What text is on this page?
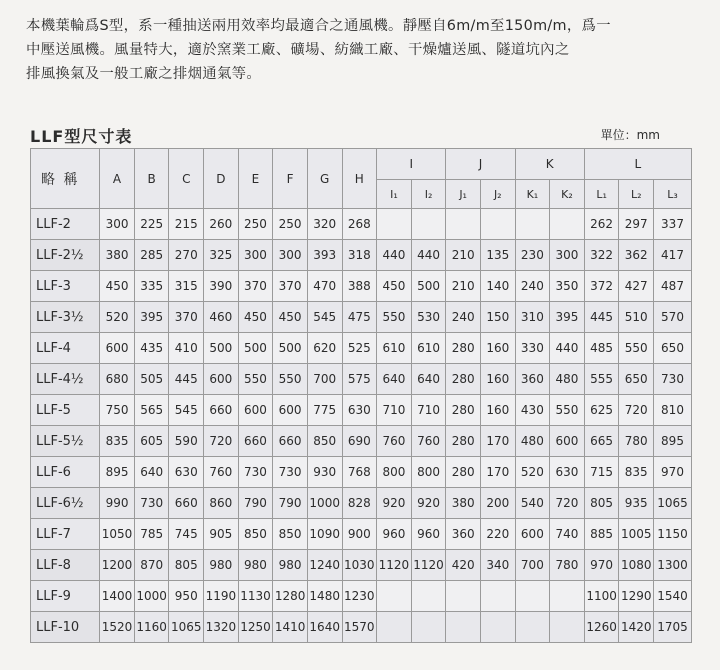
本機葉輪爲S型，系一種抽送兩用效率均最適合之通風機。靜壓自6m/m至150m/m，爲一

中壓送風機。風量特大，適於窯業工廠、礦場、紡織工廠、干燥爐送風、隧道坑內之

排風換氣及一般工廠之排烟通氣等。

LLF型尺寸表	單位：mm
略 稱	A	B	C	D	E	F	G	H	I		J		K		L		
									I₁	I₂	J₁	J₂	K₁	K₂	L₁	L₂	L₃
LLF-2	300	225	215	260	250	250	320	268							262	297	337
LLF-2½	380	285	270	325	300	300	393	318	440	440	210	135	230	300	322	362	417
LLF-3	450	335	315	390	370	370	470	388	450	500	210	140	240	350	372	427	487
LLF-3½	520	395	370	460	450	450	545	475	550	530	240	150	310	395	445	510	570
LLF-4	600	435	410	500	500	500	620	525	610	610	280	160	330	440	485	550	650
LLF-4½	680	505	445	600	550	550	700	575	640	640	280	160	360	480	555	650	730
LLF-5	750	565	545	660	600	600	775	630	710	710	280	160	430	550	625	720	810
LLF-5½	835	605	590	720	660	660	850	690	760	760	280	170	480	600	665	780	895
LLF-6	895	640	630	760	730	730	930	768	800	800	280	170	520	630	715	835	970
LLF-6½	990	730	660	860	790	790	1000	828	920	920	380	200	540	720	805	935	1065
LLF-7	1050	785	745	905	850	850	1090	900	960	960	360	220	600	740	885	1005	1150
LLF-8	1200	870	805	980	980	980	1240	1030	1120	1120	420	340	700	780	970	1080	1300
LLF-9	1400	1000	950	1190	1130	1280	1480	1230							1100	1290	1540
LLF-10	1520	1160	1065	1320	1250	1410	1640	1570							1260	1420	1705
